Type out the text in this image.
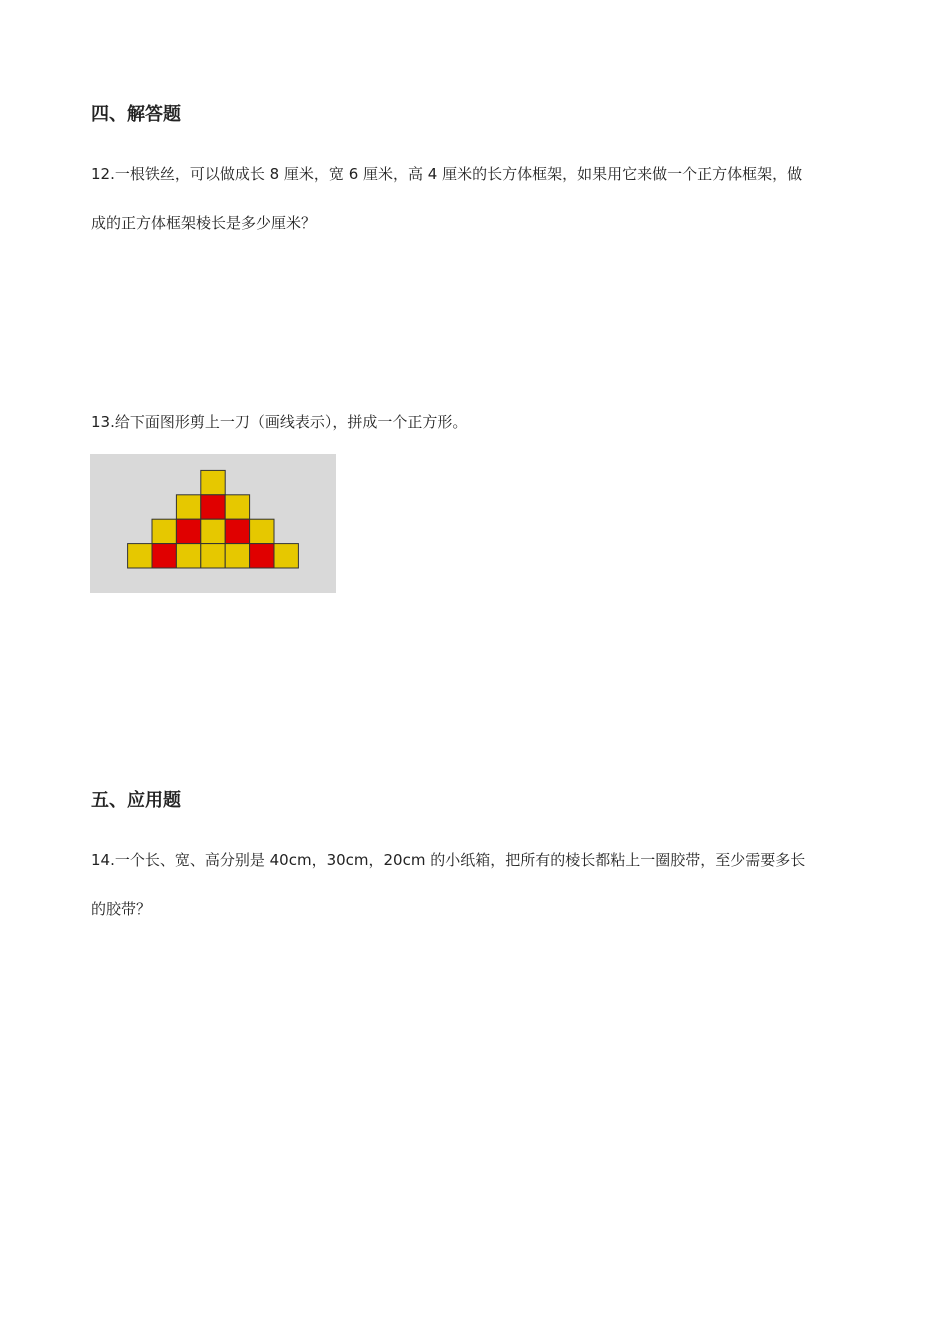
四、解答题
12.一根铁丝，可以做成长 8 厘米，宽 6 厘米，高 4 厘米的长方体框架，如果用它来做一个正方体框架，做
成的正方体框架棱长是多少厘米？
13.给下面图形剪上一刀（画线表示），拼成一个正方形。
五、应用题
14.一个长、宽、高分别是 40cm，30cm，20cm 的小纸箱，把所有的棱长都粘上一圈胶带，至少需要多长
的胶带？
